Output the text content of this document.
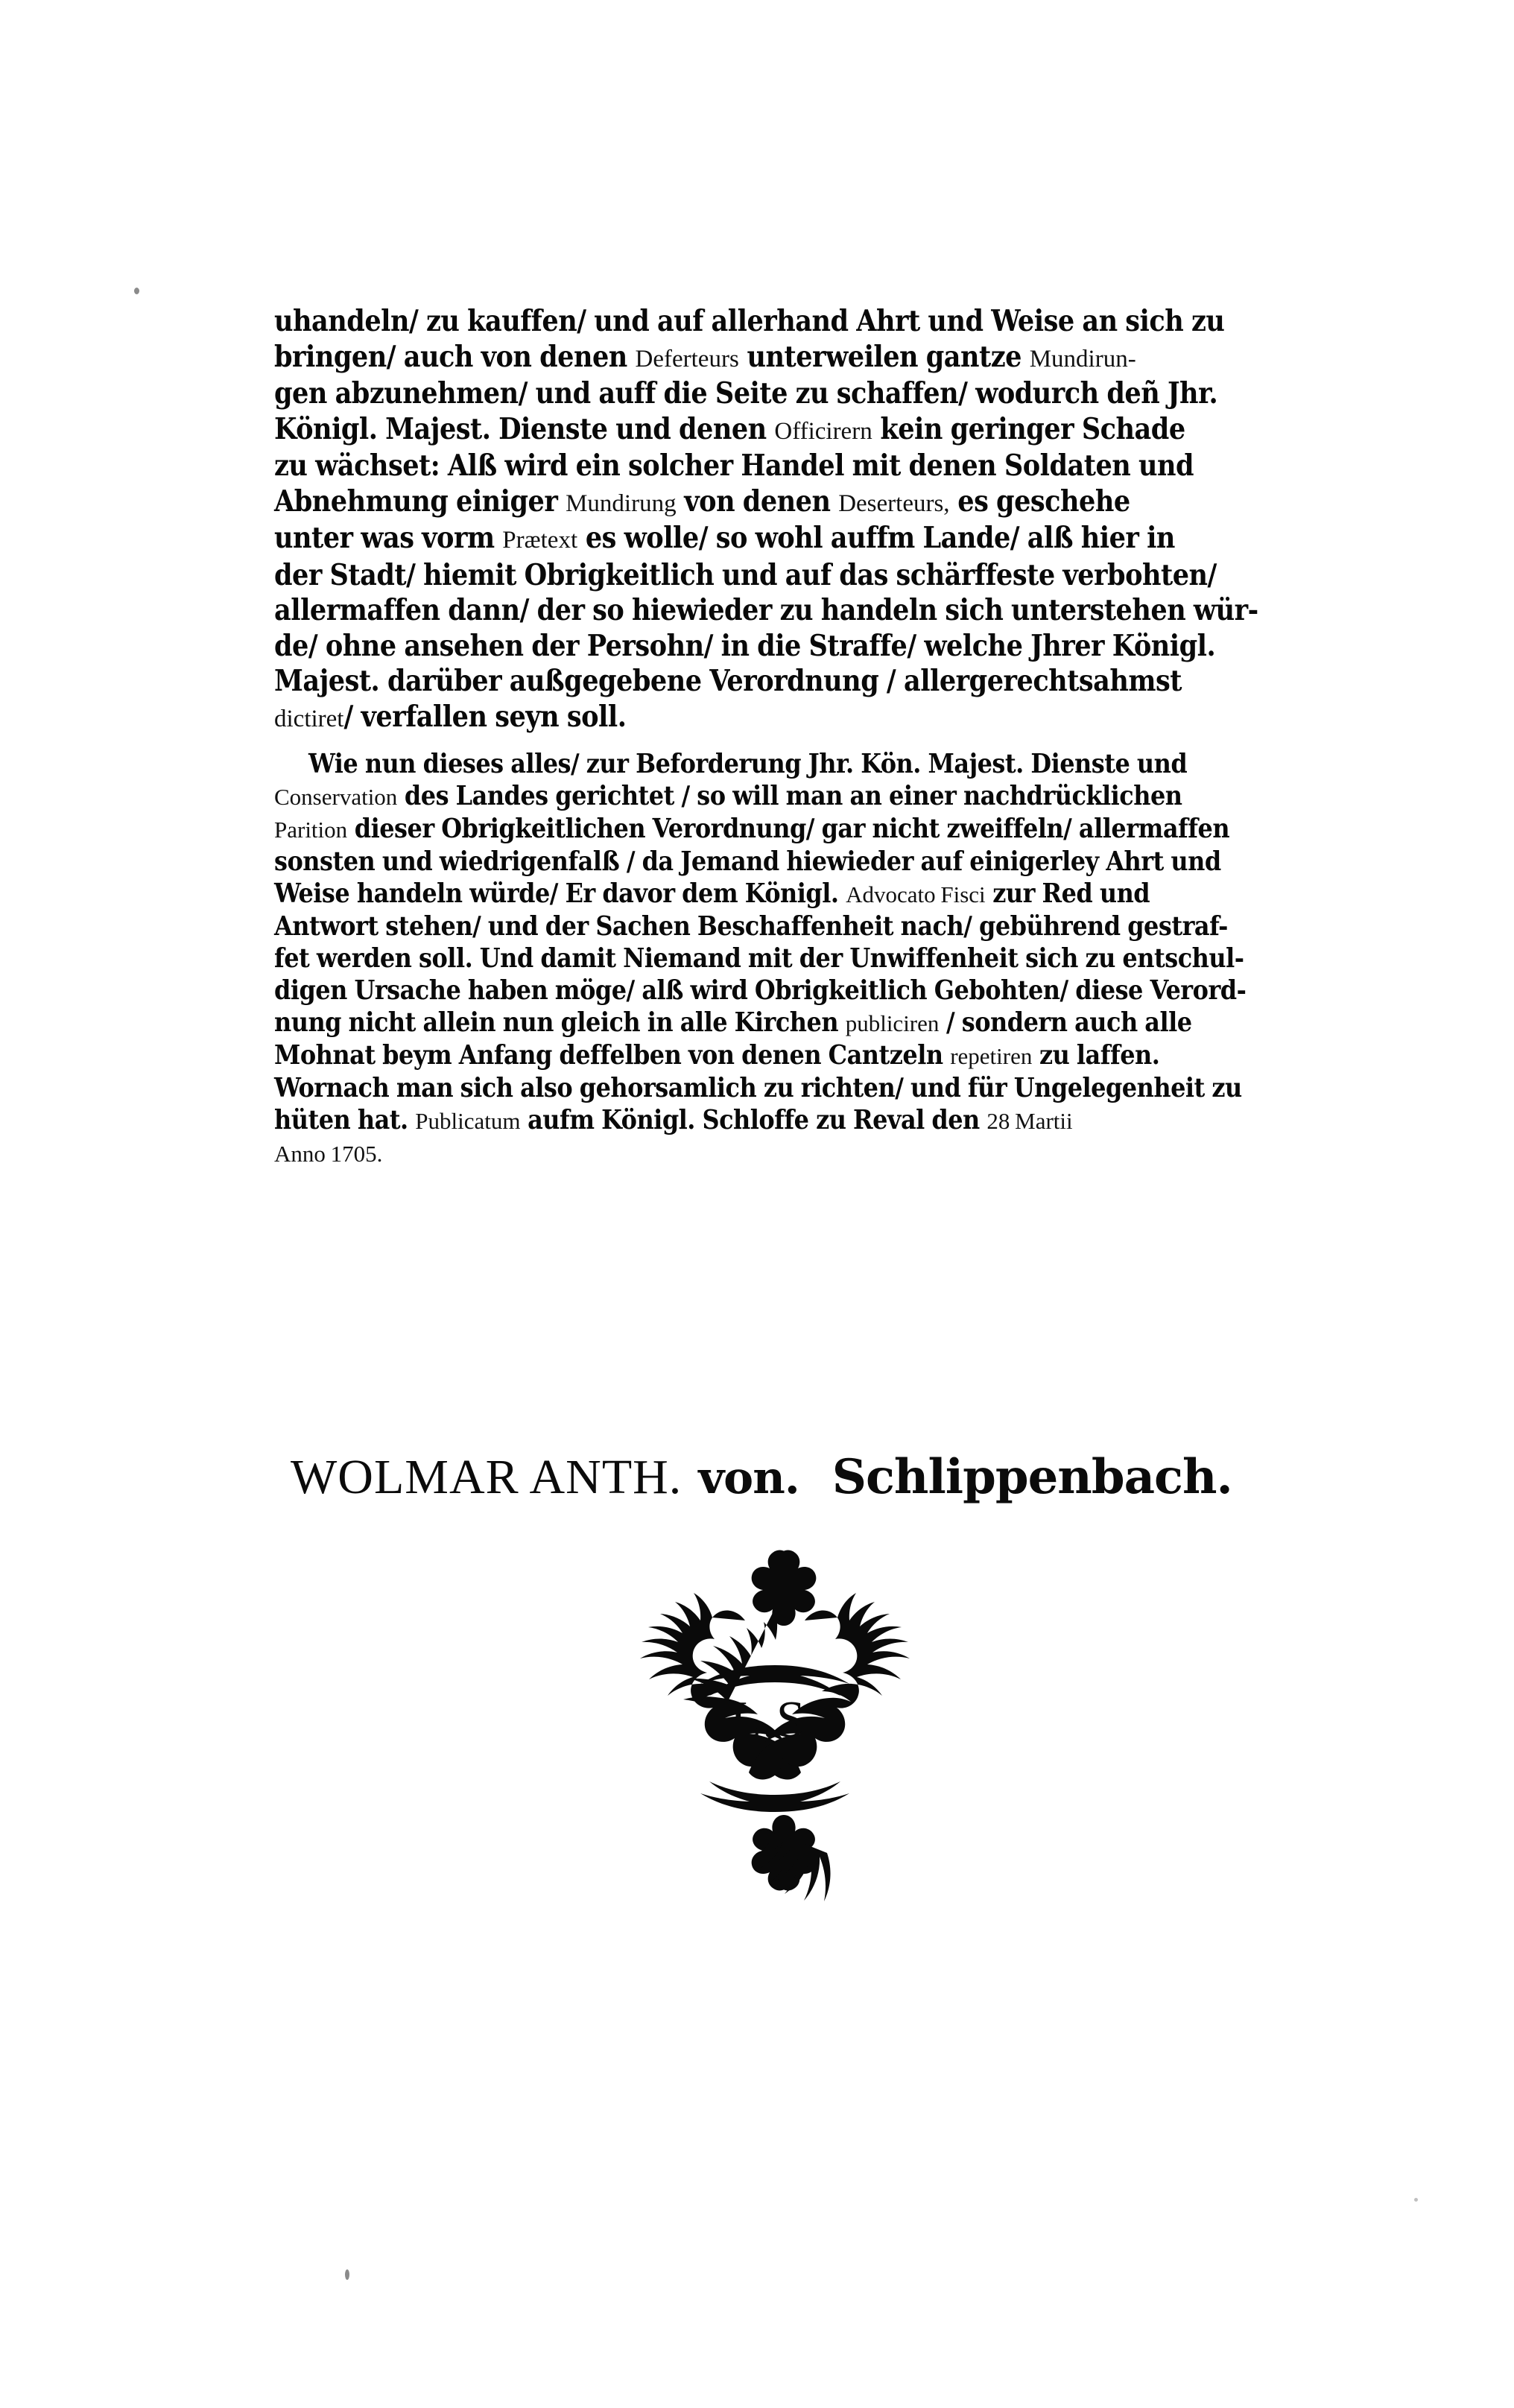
uhandeln/ zu kauffen/ und auf allerhand Ahrt und Weise an sich zu
bringen/ auch von denen Deferteurs unterweilen gantze Mundirun-
gen abzunehmen/ und auff die Seite zu schaffen/ wodurch deñ Jhr.
Königl. Majest. Dienste und denen Officirern kein geringer Schade
zu wächset: Alß wird ein solcher Handel mit denen Soldaten und
Abnehmung einiger Mundirung von denen Deserteurs, es geschehe
unter was vorm Prætext es wolle/ so wohl auffm Lande/ alß hier in
der Stadt/ hiemit Obrigkeitlich und auf das schärffeste verbohten/
allermaffen dann/ der so hiewieder zu handeln sich unterstehen wür-
de/ ohne ansehen der Persohn/ in die Straffe/ welche Jhrer Königl.
Majest. darüber außgegebene Verordnung / allergerechtsahmst
dictiret/ verfallen seyn soll.

Wie nun dieses alles/ zur Beforderung Jhr. Kön. Majest. Dienste und
Conservation des Landes gerichtet / so will man an einer nachdrücklichen
Parition dieser Obrigkeitlichen Verordnung/ gar nicht zweiffeln/ allermaffen
sonsten und wiedrigenfalß / da Jemand hiewieder auf einigerley Ahrt und
Weise handeln würde/ Er davor dem Königl. Advocato Fisci zur Red und
Antwort stehen/ und der Sachen Beschaffenheit nach/ gebührend gestraf-
fet werden soll. Und damit Niemand mit der Unwiffenheit sich zu entschul-
digen Ursache haben möge/ alß wird Obrigkeitlich Gebohten/ diese Verord-
nung nicht allein nun gleich in alle Kirchen publiciren / sondern auch alle
Mohnat beym Anfang deffelben von denen Cantzeln repetiren zu laffen.
Wornach man sich also gehorsamlich zu richten/ und für Ungelegenheit zu
hüten hat. Publicatum aufm Königl. Schloffe zu Reval den 28 Martii
Anno 1705.

WOLMAR ANTH. von. Schlippenbach.
L.S.
